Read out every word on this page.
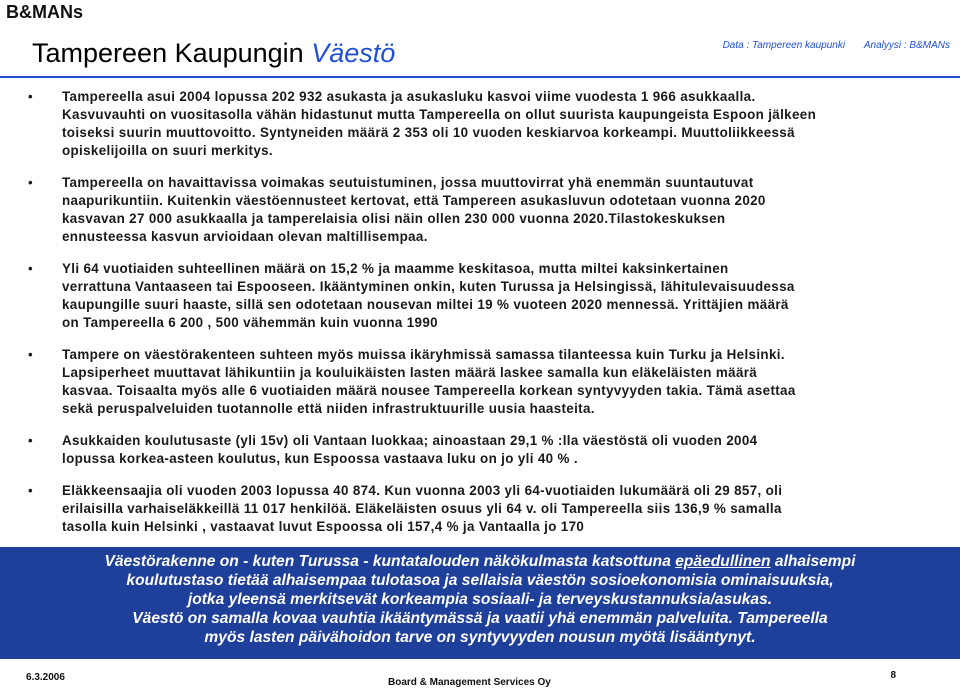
B&MANs
Tampereen Kaupungin Väestö	Data : Tampereen kaupunki Analyysi : B&MANs
• Tampereella asui 2004 lopussa 202 932 asukasta ja asukasluku kasvoi viime vuodesta 1 966 asukkaalla.
Kasvuvauhti on vuositasolla vähän hidastunut mutta Tampereella on ollut suurista kaupungeista Espoon jälkeen
toiseksi suurin muuttovoitto. Syntyneiden määrä 2 353 oli 10 vuoden keskiarvoa korkeampi. Muuttoliikkeessä
opiskelijoilla on suuri merkitys.
• Tampereella on havaittavissa voimakas seutuistuminen, jossa muuttovirrat yhä enemmän suuntautuvat
naapurikuntiin. Kuitenkin väestöennusteet kertovat, että Tampereen asukasluvun odotetaan vuonna 2020
kasvavan 27 000 asukkaalla ja tamperelaisia olisi näin ollen 230 000 vuonna 2020.Tilastokeskuksen
ennusteessa kasvun arvioidaan olevan maltillisempaa.
• Yli 64 vuotiaiden suhteellinen määrä on 15,2 % ja maamme keskitasoa, mutta miltei kaksinkertainen
verrattuna Vantaaseen tai Espooseen. Ikääntyminen onkin, kuten Turussa ja Helsingissä, lähitulevaisuudessa
kaupungille suuri haaste, sillä sen odotetaan nousevan miltei 19 % vuoteen 2020 mennessä. Yrittäjien määrä
on Tampereella 6 200 , 500 vähemmän kuin vuonna 1990
• Tampere on väestörakenteen suhteen myös muissa ikäryhmissä samassa tilanteessa kuin Turku ja Helsinki.
Lapsiperheet muuttavat lähikuntiin ja kouluikäisten lasten määrä laskee samalla kun eläkeläisten määrä
kasvaa. Toisaalta myös alle 6 vuotiaiden määrä nousee Tampereella korkean syntyvyyden takia. Tämä asettaa
sekä peruspalveluiden tuotannolle että niiden infrastruktuurille uusia haasteita.
• Asukkaiden koulutusaste (yli 15v) oli Vantaan luokkaa; ainoastaan 29,1 % :lla väestöstä oli vuoden 2004
lopussa korkea-asteen koulutus, kun Espoossa vastaava luku on jo yli 40 % .
• Eläkkeensaajia oli vuoden 2003 lopussa 40 874. Kun vuonna 2003 yli 64-vuotiaiden lukumäärä oli 29 857, oli
erilaisilla varhaiseläkkeillä 11 017 henkilöä. Eläkeläisten osuus yli 64 v. oli Tampereella siis 136,9 % samalla
tasolla kuin Helsinki , vastaavat luvut Espoossa oli 157,4 % ja Vantaalla jo 170

Väestörakenne on - kuten Turussa - kuntatalouden näkökulmasta katsottuna epäedullinen alhaisempi

koulutustaso tietää alhaisempaa tulotasoa ja sellaisia väestön sosioekonomisia ominaisuuksia,

jotka yleensä merkitsevät korkeampia sosiaali- ja terveyskustannuksia/asukas.

Väestö on samalla kovaa vauhtia ikääntymässä ja vaatii yhä enemmän palveluita. Tampereella

myös lasten päivähoidon tarve on syntyvyyden nousun myötä lisääntynyt.

6.3.2006	Board & Management Services Oy
8
